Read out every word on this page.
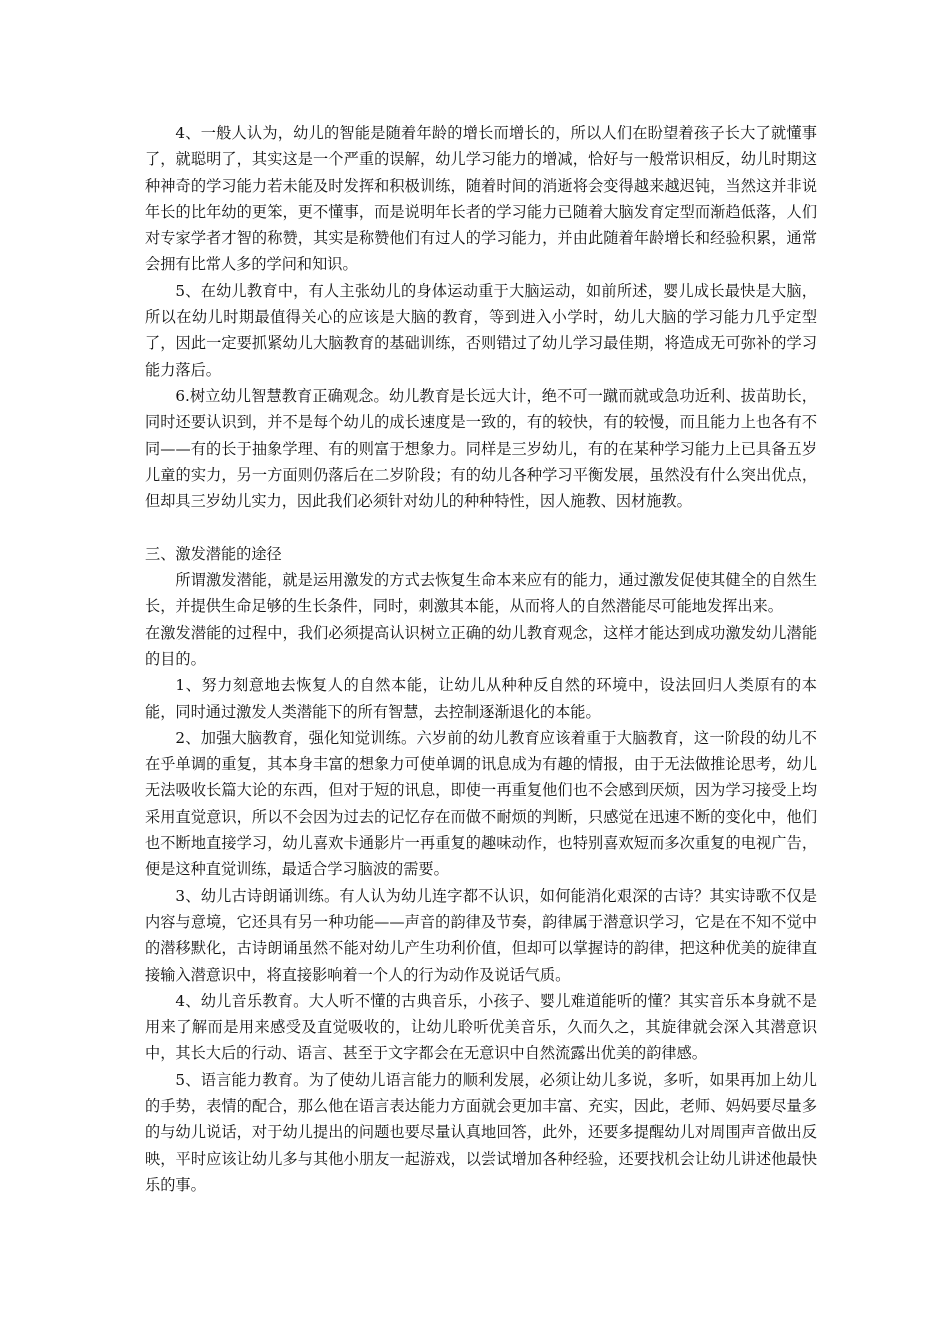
4、一般人认为，幼儿的智能是随着年龄的增长而增长的，所以人们在盼望着孩子长大了就懂事了，就聪明了，其实这是一个严重的误解，幼儿学习能力的增减，恰好与一般常识相反，幼儿时期这种神奇的学习能力若未能及时发挥和积极训练，随着时间的消逝将会变得越来越迟钝，当然这并非说年长的比年幼的更笨，更不懂事，而是说明年长者的学习能力已随着大脑发育定型而渐趋低落，人们对专家学者才智的称赞，其实是称赞他们有过人的学习能力，并由此随着年龄增长和经验积累，通常会拥有比常人多的学问和知识。

5、在幼儿教育中，有人主张幼儿的身体运动重于大脑运动，如前所述，婴儿成长最快是大脑，所以在幼儿时期最值得关心的应该是大脑的教育，等到进入小学时，幼儿大脑的学习能力几乎定型了，因此一定要抓紧幼儿大脑教育的基础训练，否则错过了幼儿学习最佳期，将造成无可弥补的学习能力落后。

6.树立幼儿智慧教育正确观念。幼儿教育是长远大计，绝不可一蹴而就或急功近利、拔苗助长，同时还要认识到，并不是每个幼儿的成长速度是一致的，有的较快，有的较慢，而且能力上也各有不同——有的长于抽象学理、有的则富于想象力。同样是三岁幼儿，有的在某种学习能力上已具备五岁儿童的实力，另一方面则仍落后在二岁阶段；有的幼儿各种学习平衡发展，虽然没有什么突出优点，但却具三岁幼儿实力，因此我们必须针对幼儿的种种特性，因人施教、因材施教。

三、激发潜能的途径

所谓激发潜能，就是运用激发的方式去恢复生命本来应有的能力，通过激发促使其健全的自然生长，并提供生命足够的生长条件，同时，刺激其本能，从而将人的自然潜能尽可能地发挥出来。

在激发潜能的过程中，我们必须提高认识树立正确的幼儿教育观念，这样才能达到成功激发幼儿潜能的目的。

1、努力刻意地去恢复人的自然本能，让幼儿从种种反自然的环境中，设法回归人类原有的本能，同时通过激发人类潜能下的所有智慧，去控制逐渐退化的本能。

2、加强大脑教育，强化知觉训练。六岁前的幼儿教育应该着重于大脑教育，这一阶段的幼儿不在乎单调的重复，其本身丰富的想象力可使单调的讯息成为有趣的情报，由于无法做推论思考，幼儿无法吸收长篇大论的东西，但对于短的讯息，即使一再重复他们也不会感到厌烦，因为学习接受上均采用直觉意识，所以不会因为过去的记忆存在而做不耐烦的判断，只感觉在迅速不断的变化中，他们也不断地直接学习，幼儿喜欢卡通影片一再重复的趣味动作，也特别喜欢短而多次重复的电视广告，便是这种直觉训练，最适合学习脑波的需要。

3、幼儿古诗朗诵训练。有人认为幼儿连字都不认识，如何能消化艰深的古诗？其实诗歌不仅是内容与意境，它还具有另一种功能——声音的韵律及节奏，韵律属于潜意识学习，它是在不知不觉中的潜移默化，古诗朗诵虽然不能对幼儿产生功利价值，但却可以掌握诗的韵律，把这种优美的旋律直接输入潜意识中，将直接影响着一个人的行为动作及说话气质。

4、幼儿音乐教育。大人听不懂的古典音乐，小孩子、婴儿难道能听的懂？其实音乐本身就不是用来了解而是用来感受及直觉吸收的，让幼儿聆听优美音乐，久而久之，其旋律就会深入其潜意识中，其长大后的行动、语言、甚至于文字都会在无意识中自然流露出优美的韵律感。

5、语言能力教育。为了使幼儿语言能力的顺利发展，必须让幼儿多说，多听，如果再加上幼儿的手势，表情的配合，那么他在语言表达能力方面就会更加丰富、充实，因此，老师、妈妈要尽量多的与幼儿说话，对于幼儿提出的问题也要尽量认真地回答，此外，还要多提醒幼儿对周围声音做出反映，平时应该让幼儿多与其他小朋友一起游戏，以尝试增加各种经验，还要找机会让幼儿讲述他最快乐的事。
